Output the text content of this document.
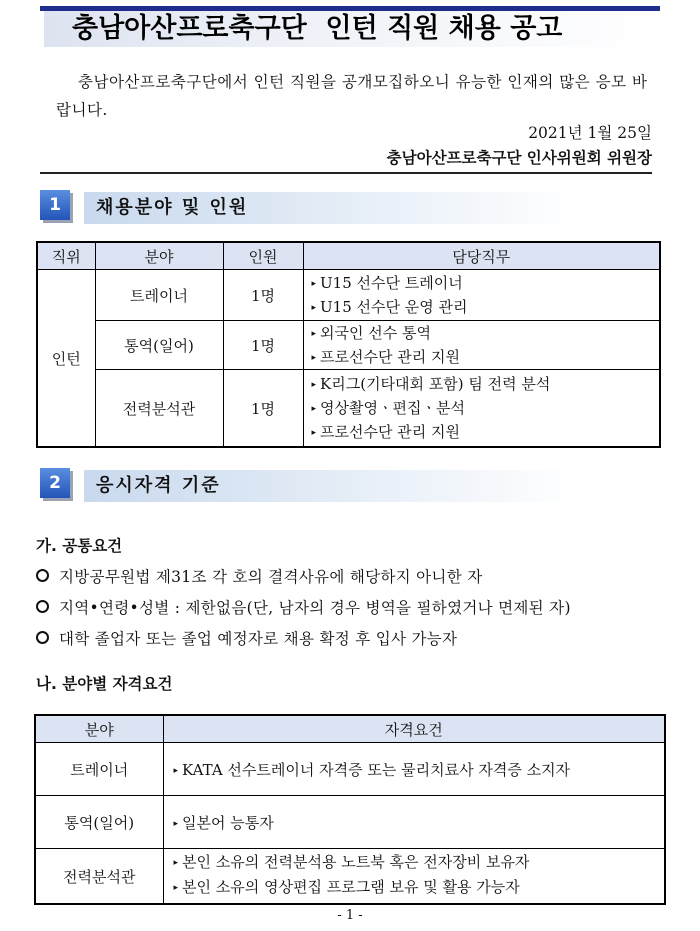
충남아산프로축구단  인턴 직원 채용 공고
충남아산프로축구단에서 인턴 직원을 공개모집하오니 유능한 인재의 많은 응모 바랍니다.
2021년 1월 25일
충남아산프로축구단 인사위원회 위원장
1	채용분야 및 인원
직위	분야	인원	담당직무
인턴	트레이너	1명	▸ U15 선수단 트레이너
▸ U15 선수단 운영 관리

	통역(일어)	1명	▸ 외국인 선수 통역
▸ 프로선수단 관리 지원

	전력분석관	1명	▸ K리그(기타대회 포함) 팀 전력 분석
▸ 영상촬영ㆍ편집ㆍ분석
▸ 프로선수단 관리 지원
2	응시자격 기준
가. 공통요건
지방공무원법 제31조 각 호의 결격사유에 해당하지 아니한 자
지역•연령•성별 : 제한없음(단, 남자의 경우 병역을 필하였거나 면제된 자)
대학 졸업자 또는 졸업 예정자로 채용 확정 후 입사 가능자
나. 분야별 자격요건
분야	자격요건
트레이너	▸ KATA 선수트레이너 자격증 또는 물리치료사 자격증 소지자
통역(일어)	▸ 일본어 능통자
전력분석관	▸ 본인 소유의 전력분석용 노트북 혹은 전자장비 보유자
▸ 본인 소유의 영상편집 프로그램 보유 및 활용 가능자
- 1 -
